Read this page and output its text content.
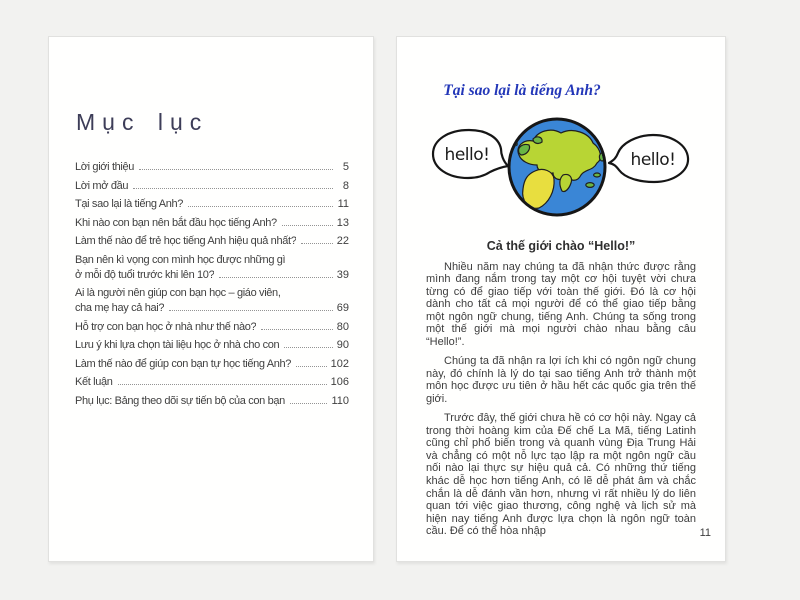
Mục lục
Lời giới thiệu	5
Lời mở đầu	8
Tại sao lại là tiếng Anh?	11
Khi nào con bạn nên bắt đầu học tiếng Anh?	13
Làm thế nào để trẻ học tiếng Anh hiệu quả nhất?	22
Bạn nên kì vọng con mình học được những gì
ở mỗi độ tuổi trước khi lên 10?	39
Ai là người nên giúp con bạn học – giáo viên,
cha mẹ hay cả hai?	69
Hỗ trợ con bạn học ở nhà như thế nào?	80
Lưu ý khi lựa chọn tài liệu học ở nhà cho con	90
Làm thế nào để giúp con bạn tự học tiếng Anh?	102
Kết luận	106
Phụ lục: Bảng theo dõi sự tiến bộ của con bạn	110
Tại sao lại là tiếng Anh?
hello!	hello!
Cả thế giới chào “Hello!”

Nhiều năm nay chúng ta đã nhận thức được rằng mình đang nắm trong tay một cơ hội tuyệt vời chưa từng có để giao tiếp với toàn thế giới. Đó là cơ hội dành cho tất cả mọi người để có thể giao tiếp bằng một ngôn ngữ chung, tiếng Anh. Chúng ta sống trong một thế giới mà mọi người chào nhau bằng câu “Hello!”.

Chúng ta đã nhận ra lợi ích khi có ngôn ngữ chung này, đó chính là lý do tại sao tiếng Anh trở thành một môn học được ưu tiên ở hầu hết các quốc gia trên thế giới.

Trước đây, thế giới chưa hề có cơ hội này. Ngay cả trong thời hoàng kim của Đế chế La Mã, tiếng Latinh cũng chỉ phổ biến trong và quanh vùng Địa Trung Hải và chẳng có một nỗ lực tạo lập ra một ngôn ngữ cầu nối nào lại thực sự hiệu quả cả. Có những thứ tiếng khác dễ học hơn tiếng Anh, có lẽ dễ phát âm và chắc chắn là dễ đánh vần hơn, nhưng vì rất nhiều lý do liên quan tới việc giao thương, công nghệ và lịch sử mà hiện nay tiếng Anh được lựa chọn là ngôn ngữ toàn cầu. Để có thể hòa nhập	11
